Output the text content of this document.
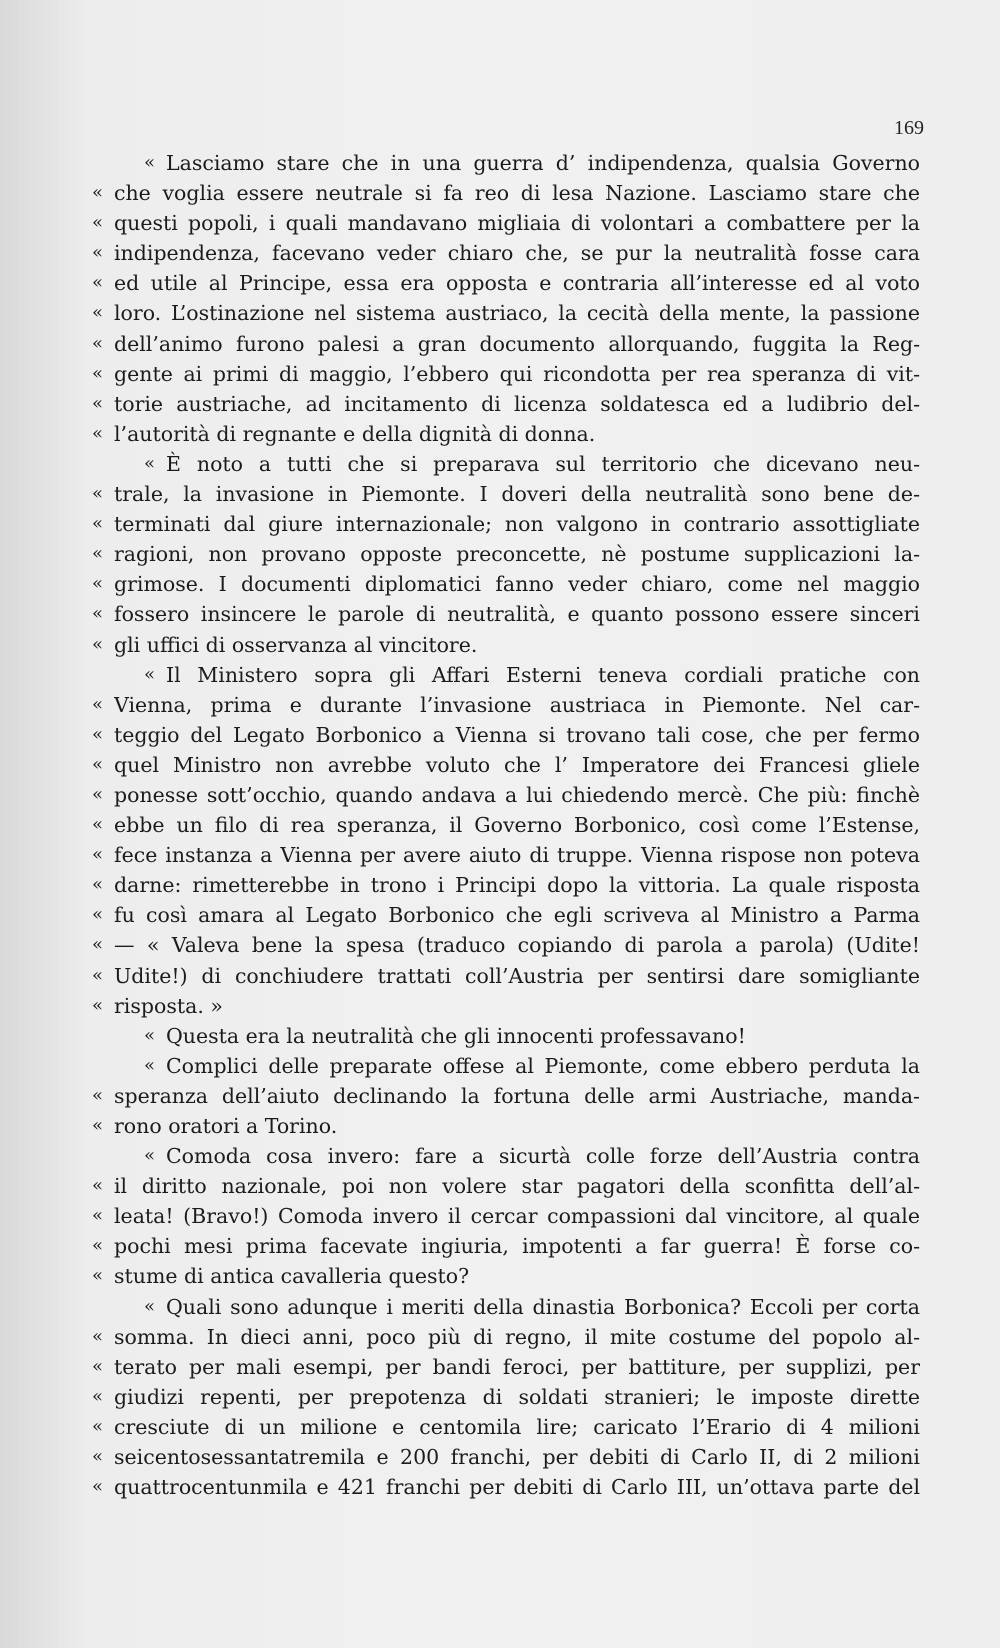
169
« Lasciamo stare che in una guerra d’ indipendenza, qualsia Governo
« che voglia essere neutrale si fa reo di lesa Nazione. Lasciamo stare che
« questi popoli, i quali mandavano migliaia di volontari a combattere per la
« indipendenza, facevano veder chiaro che, se pur la neutralità fosse cara
« ed utile al Principe, essa era opposta e contraria all’interesse ed al voto
« loro. L’ostinazione nel sistema austriaco, la cecità della mente, la passione
« dell’animo furono palesi a gran documento allorquando, fuggita la Reg-
« gente ai primi di maggio, l’ebbero qui ricondotta per rea speranza di vit-
« torie austriache, ad incitamento di licenza soldatesca ed a ludibrio del-
« l’autorità di regnante e della dignità di donna.
« È noto a tutti che si preparava sul territorio che dicevano neu-
« trale, la invasione in Piemonte. I doveri della neutralità sono bene de-
« terminati dal giure internazionale; non valgono in contrario assottigliate
« ragioni, non provano opposte preconcette, nè postume supplicazioni la-
« grimose. I documenti diplomatici fanno veder chiaro, come nel maggio
« fossero insincere le parole di neutralità, e quanto possono essere sinceri
« gli uffici di osservanza al vincitore.
« Il Ministero sopra gli Affari Esterni teneva cordiali pratiche con
« Vienna, prima e durante l’invasione austriaca in Piemonte. Nel car-
« teggio del Legato Borbonico a Vienna si trovano tali cose, che per fermo
« quel Ministro non avrebbe voluto che l’ Imperatore dei Francesi gliele
« ponesse sott’occhio, quando andava a lui chiedendo mercè. Che più: finchè
« ebbe un filo di rea speranza, il Governo Borbonico, così come l’Estense,
« fece instanza a Vienna per avere aiuto di truppe. Vienna rispose non poteva
« darne: rimetterebbe in trono i Principi dopo la vittoria. La quale risposta
« fu così amara al Legato Borbonico che egli scriveva al Ministro a Parma
« — « Valeva bene la spesa (traduco copiando di parola a parola) (Udite!
« Udite!) di conchiudere trattati coll’Austria per sentirsi dare somigliante
« risposta. »
« Questa era la neutralità che gli innocenti professavano!
« Complici delle preparate offese al Piemonte, come ebbero perduta la
« speranza dell’aiuto declinando la fortuna delle armi Austriache, manda-
« rono oratori a Torino.
« Comoda cosa invero: fare a sicurtà colle forze dell’Austria contra
« il diritto nazionale, poi non volere star pagatori della sconfitta dell’al-
« leata! (Bravo!) Comoda invero il cercar compassioni dal vincitore, al quale
« pochi mesi prima facevate ingiuria, impotenti a far guerra! È forse co-
« stume di antica cavalleria questo?
« Quali sono adunque i meriti della dinastia Borbonica? Eccoli per corta
« somma. In dieci anni, poco più di regno, il mite costume del popolo al-
« terato per mali esempi, per bandi feroci, per battiture, per supplizi, per
« giudizi repenti, per prepotenza di soldati stranieri; le imposte dirette
« cresciute di un milione e centomila lire; caricato l’Erario di 4 milioni
« seicentosessantatremila e 200 franchi, per debiti di Carlo II, di 2 milioni
« quattrocentunmila e 421 franchi per debiti di Carlo III, un’ottava parte del
